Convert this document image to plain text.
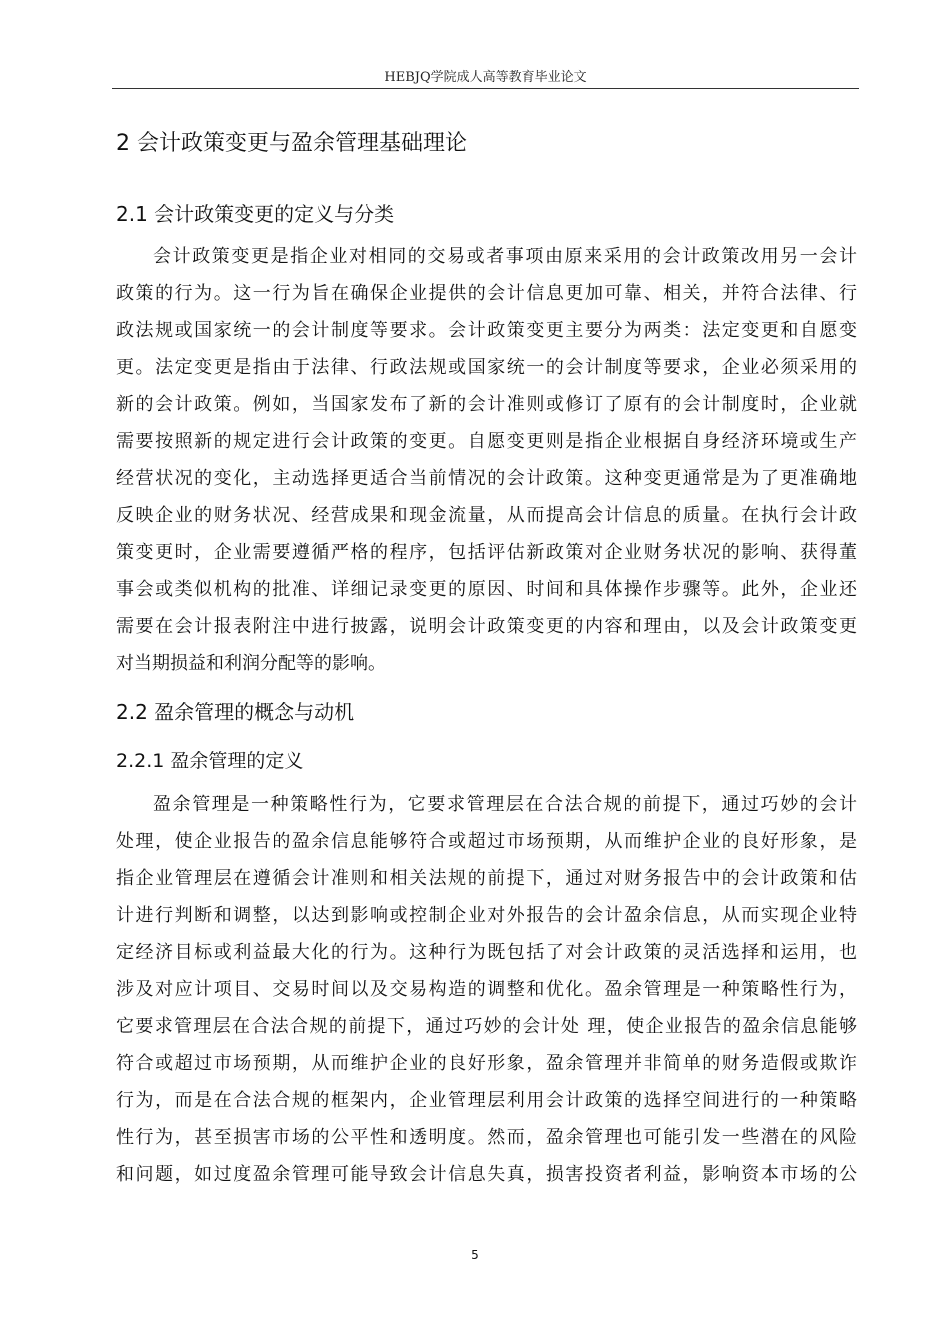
HEBJQ学院成人高等教育毕业论文
2 会计政策变更与盈余管理基础理论
2.1 会计政策变更的定义与分类
会计政策变更是指企业对相同的交易或者事项由原来采用的会计政策改用另一会计
政策的行为。这一行为旨在确保企业提供的会计信息更加可靠、相关，并符合法律、行
政法规或国家统一的会计制度等要求。会计政策变更主要分为两类：法定变更和自愿变
更。法定变更是指由于法律、行政法规或国家统一的会计制度等要求，企业必须采用的
新的会计政策。例如，当国家发布了新的会计准则或修订了原有的会计制度时，企业就
需要按照新的规定进行会计政策的变更。自愿变更则是指企业根据自身经济环境或生产
经营状况的变化，主动选择更适合当前情况的会计政策。这种变更通常是为了更准确地
反映企业的财务状况、经营成果和现金流量，从而提高会计信息的质量。在执行会计政
策变更时，企业需要遵循严格的程序，包括评估新政策对企业财务状况的影响、获得董
事会或类似机构的批准、详细记录变更的原因、时间和具体操作步骤等。此外，企业还
需要在会计报表附注中进行披露，说明会计政策变更的内容和理由，以及会计政策变更
对当期损益和利润分配等的影响。
2.2 盈余管理的概念与动机
2.2.1 盈余管理的定义
盈余管理是一种策略性行为，它要求管理层在合法合规的前提下，通过巧妙的会计
处理，使企业报告的盈余信息能够符合或超过市场预期，从而维护企业的良好形象，是
指企业管理层在遵循会计准则和相关法规的前提下，通过对财务报告中的会计政策和估
计进行判断和调整，以达到影响或控制企业对外报告的会计盈余信息，从而实现企业特
定经济目标或利益最大化的行为。这种行为既包括了对会计政策的灵活选择和运用，也
涉及对应计项目、交易时间以及交易构造的调整和优化。盈余管理是一种策略性行为，
它要求管理层在合法合规的前提下，通过巧妙的会计处 理，使企业报告的盈余信息能够
符合或超过市场预期，从而维护企业的良好形象，盈余管理并非简单的财务造假或欺诈
行为，而是在合法合规的框架内，企业管理层利用会计政策的选择空间进行的一种策略
性行为，甚至损害市场的公平性和透明度。然而，盈余管理也可能引发一些潜在的风险
和问题，如过度盈余管理可能导致会计信息失真，损害投资者利益，影响资本市场的公
5
